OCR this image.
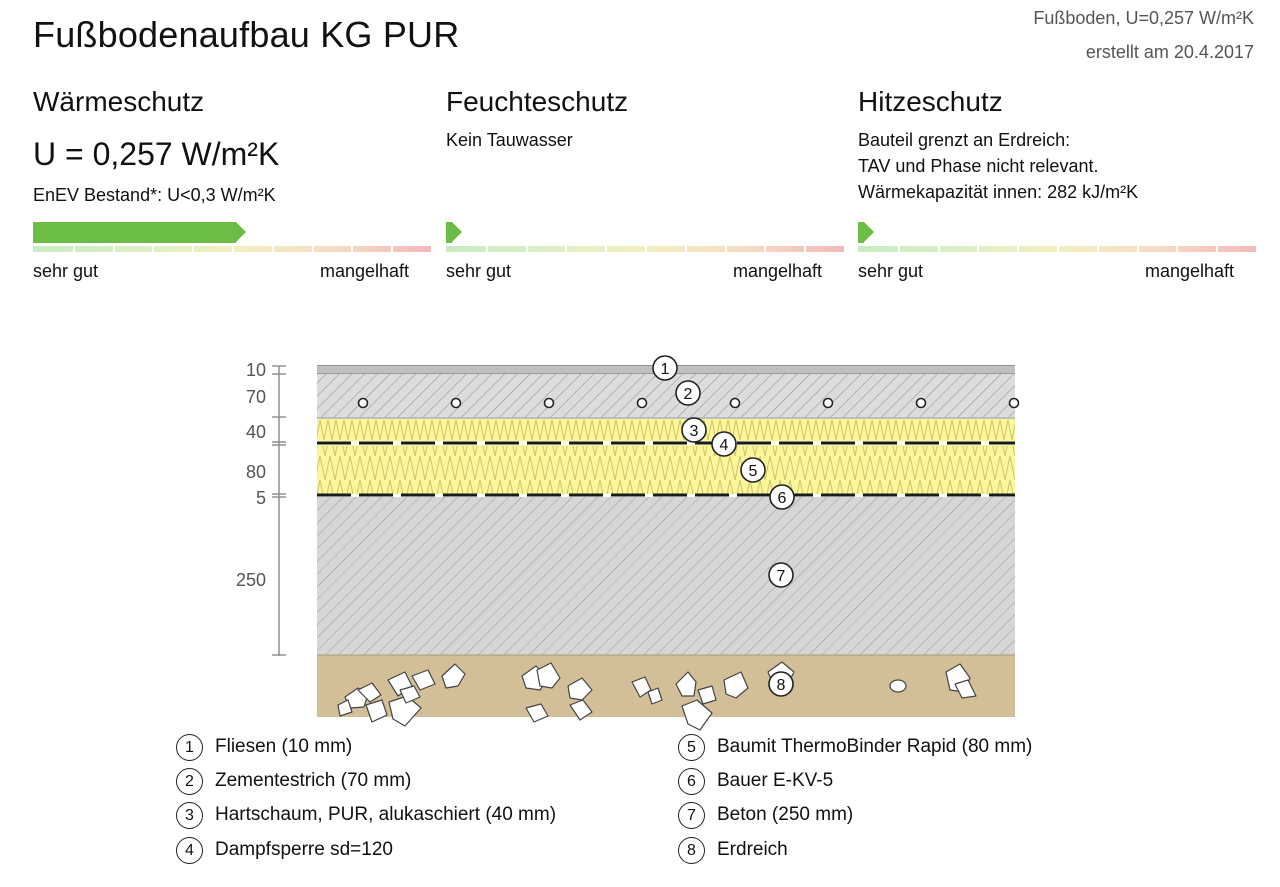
Fußbodenaufbau KG PUR	Fußboden, U=0,257 W/m²K
erstellt am 20.4.2017
Wärmeschutz
U = 0,257 W/m²K
EnEV Bestand*: U<0,3 W/m²K
sehr gut	mangelhaft
Feuchteschutz
Kein Tauwasser
sehr gut	mangelhaft
Hitzeschutz
Bauteil grenzt an Erdreich:
TAV und Phase nicht relevant.
Wärmekapazität innen: 282 kJ/m²K
sehr gut	mangelhaft
10
70
40
80
5
250
1
2
3
4
5
6
7
8
1 Fliesen (10 mm)
2 Zementestrich (70 mm)
3 Hartschaum, PUR, alukaschiert (40 mm)
4 Dampfsperre sd=120
5 Baumit ThermoBinder Rapid (80 mm)
6 Bauer E-KV-5
7 Beton (250 mm)
8 Erdreich
